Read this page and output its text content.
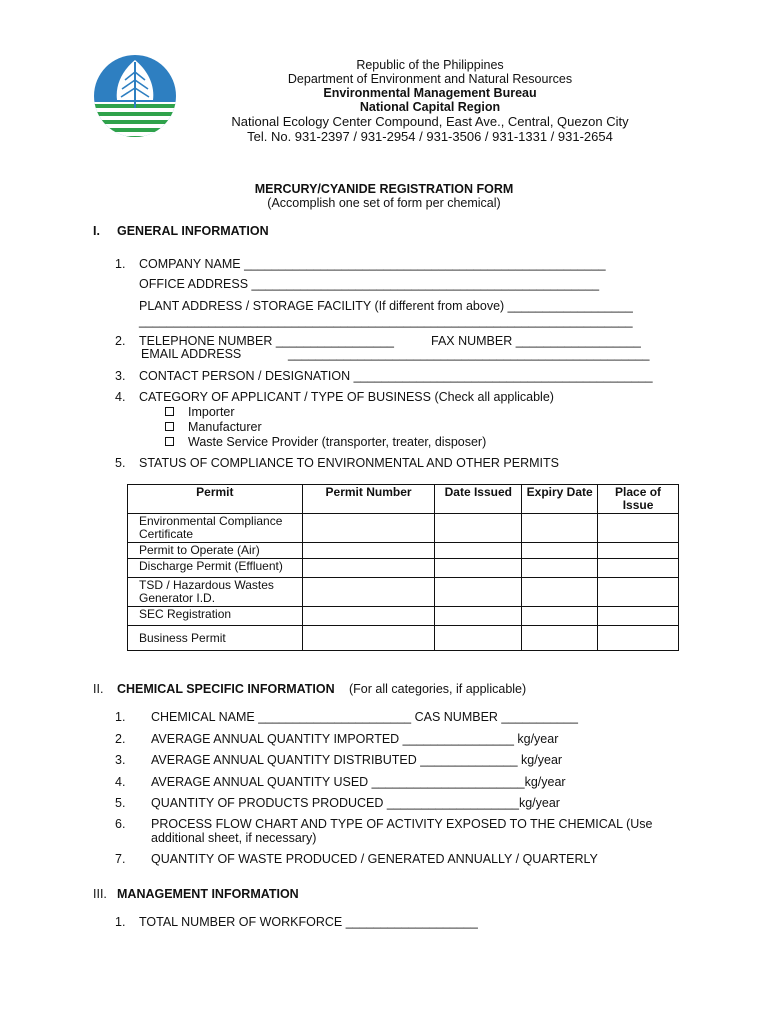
Republic of the Philippines
Department of Environment and Natural Resources
Environmental Management Bureau
National Capital Region
National Ecology Center Compound, East Ave., Central, Quezon City
Tel. No. 931-2397 / 931-2954 / 931-3506 / 931-1331 / 931-2654
MERCURY/CYANIDE REGISTRATION FORM
(Accomplish one set of form per chemical)
I. GENERAL INFORMATION
1. COMPANY NAME ____________________________________________________
OFFICE ADDRESS __________________________________________________
PLANT ADDRESS / STORAGE FACILITY (If different from above) __________________
_______________________________________________________________________
2. TELEPHONE NUMBER _________________	FAX NUMBER __________________
EMAIL ADDRESS	____________________________________________________
3. CONTACT PERSON / DESIGNATION ___________________________________________
4. CATEGORY OF APPLICANT / TYPE OF BUSINESS (Check all applicable)
Importer
Manufacturer
Waste Service Provider (transporter, treater, disposer)
5. STATUS OF COMPLIANCE TO ENVIRONMENTAL AND OTHER PERMITS
Permit	Permit Number	Date Issued	Expiry Date	Place of Issue
Environmental Compliance Certificate				
Permit to Operate (Air)				
Discharge Permit (Effluent)				
TSD / Hazardous Wastes Generator I.D.				
SEC Registration				
Business Permit				
II. CHEMICAL SPECIFIC INFORMATION (For all categories, if applicable)
1. CHEMICAL NAME ______________________ CAS NUMBER ___________
2. AVERAGE ANNUAL QUANTITY IMPORTED ________________ kg/year
3. AVERAGE ANNUAL QUANTITY DISTRIBUTED ______________ kg/year
4. AVERAGE ANNUAL QUANTITY USED ______________________kg/year
5. QUANTITY OF PRODUCTS PRODUCED ___________________kg/year
6. PROCESS FLOW CHART AND TYPE OF ACTIVITY EXPOSED TO THE CHEMICAL (Use
additional sheet, if necessary)
7. QUANTITY OF WASTE PRODUCED / GENERATED ANNUALLY / QUARTERLY
III. MANAGEMENT INFORMATION
1. TOTAL NUMBER OF WORKFORCE ___________________
